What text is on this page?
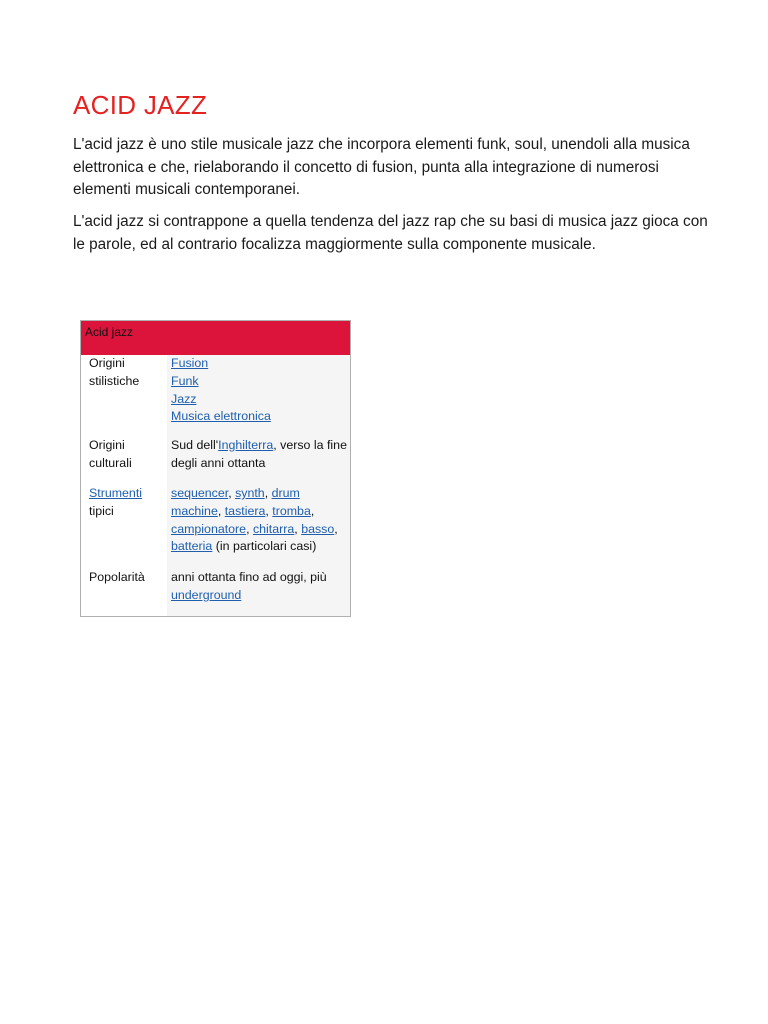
ACID JAZZ

L'acid jazz è uno stile musicale jazz che incorpora elementi funk, soul, unendoli alla musica elettronica e che, rielaborando il concetto di fusion, punta alla integrazione di numerosi elementi musicali contemporanei.

L'acid jazz si contrappone a quella tendenza del jazz rap che su basi di musica jazz gioca con le parole, ed al contrario focalizza maggiormente sulla componente musicale.

Acid jazz
Origini stilistiche
Fusion
Funk
Jazz
Musica elettronica
Origini culturali
Sud dell'Inghilterra, verso la fine degli anni ottanta
Strumenti
tipici
sequencer, synth, drum machine, tastiera, tromba, campionatore, chitarra, basso, batteria (in particolari casi)
Popolarità	anni ottanta fino ad oggi, più underground
